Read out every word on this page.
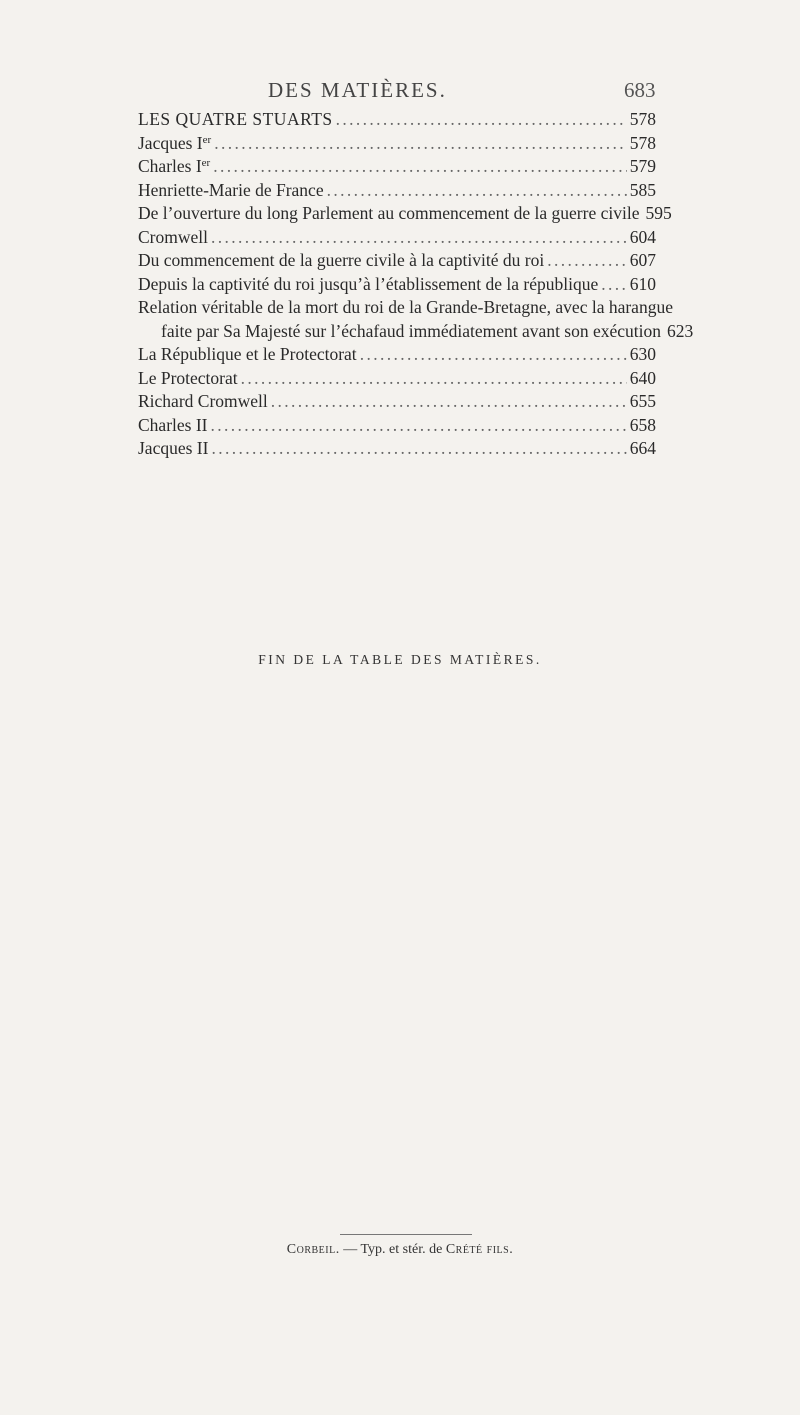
DES MATIÈRES.	683
LES QUATRE STUARTS . . .	578
Jacques Ier . . .	578
Charles Ier . . .	579
Henriette-Marie de France . . .	585
De l’ouverture du long Parlement au commencement de la guerre civile 595
Cromwell . . .	604
Du commencement de la guerre civile à la captivité du roi . . .	607
Depuis la captivité du roi jusqu’à l’établissement de la république . . . 610
Relation véritable de la mort du roi de la Grande-Bretagne, avec la harangue
faite par Sa Majesté sur l’échafaud immédiatement avant son exécution 623
La République et le Protectorat . . .	630
Le Protectorat . . .	640
Richard Cromwell . . .	655
Charles II . . .	658
Jacques II . . .	664
FIN DE LA TABLE DES MATIÈRES.
Corbeil. — Typ. et stér. de Crété fils.
